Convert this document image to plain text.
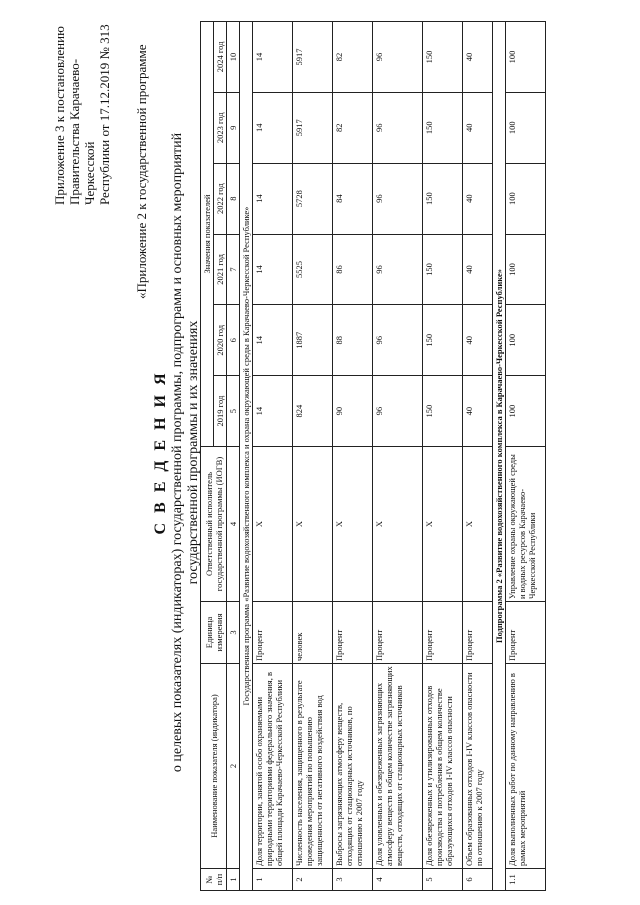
Приложение 3 к постановлению Правительства Карачаево-Черкесской Республики от 17.12.2019 № 313 «Приложение 2 к государственной программе
С В Е Д Е Н И Я о целевых показателях (индикаторах) государственной программы, подпрограмм и основных мероприятий государственной программы и их значениях
№ п/п	Наименование показателя (индикатора)	Единица измерения	Ответственный исполнитель государственной программы (ИОГВ)	Значения показателей					
				2019 год	2020 год	2021 год	2022 год	2023 год	2024 год
1	2	3	4	5	6	7	8	9	10
Государственная программа «Развитие водохозяйственного комплекса и охрана окружающей среды в Карачаево-Черкесской Республике»									
1	Доля территории, занятой особо охраняемыми природными территориями федерального значения, в общей площади Карачаево-Черкесской Республики	Процент	Х	14	14	14	14	14	14
2	Численность населения, защищенного в результате проведения мероприятий по повышению защищенности от негативного воздействия вод	человек	Х	824	1887	5525	5728	5917	5917
3	Выбросы загрязняющих атмосферу веществ, отходящих от стационарных источников, по отношению к 2007 году	Процент	Х	90	88	86	84	82	82
4	Доля уловленных и обезвреженных загрязняющих атмосферу веществ в общем количестве загрязняющих веществ, отходящих от стационарных источников	Процент	Х	96	96	96	96	96	96
5	Доля обезвреженных и утилизированных отходов производства и потребления в общем количестве образующихся отходов I-IV классов опасности	Процент	Х	150	150	150	150	150	150
6	Объем образованных отходов I-IV классов опасности по отношению к 2007 году	Процент	Х	40	40	40	40	40	40
Подпрограмма 2 «Развитие водохозяйственного комплекса в Карачаево-Черкесской Республике»									
1.1	Доля выполненных работ по данному направлению в рамках мероприятий	Процент	Управление охраны окружающей среды и водных ресурсов Карачаево-Черкесской Республики	100	100	100	100	100	100
